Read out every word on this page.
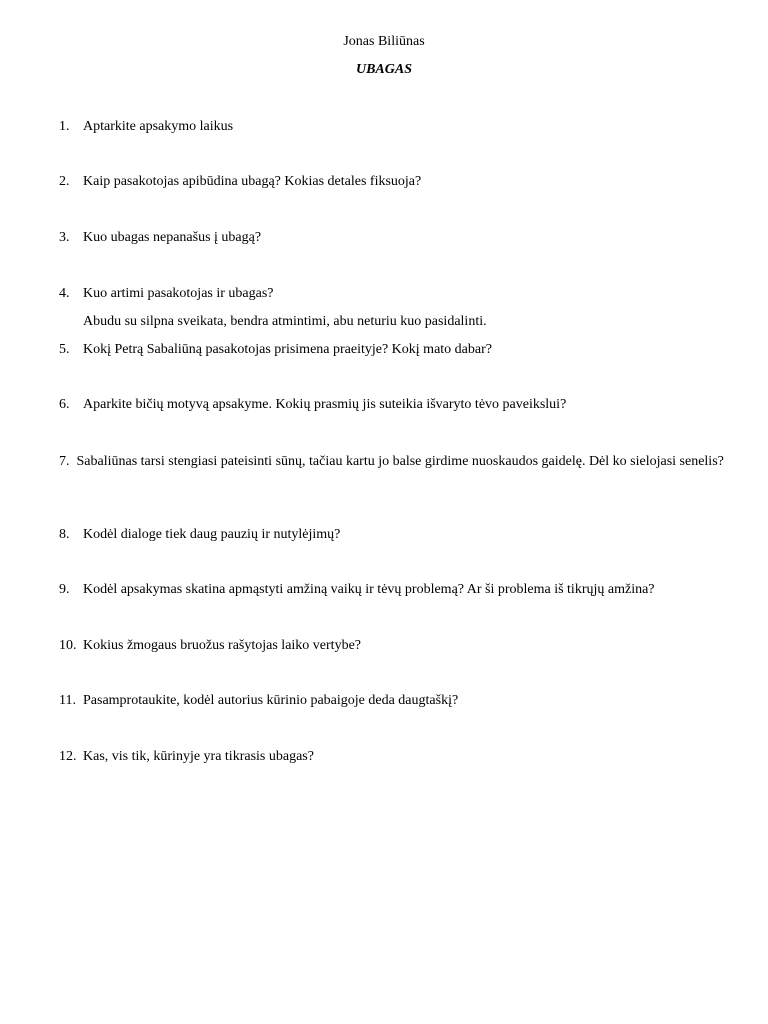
Jonas Biliūnas
UBAGAS
1. Aptarkite apsakymo laikus
2. Kaip pasakotojas apibūdina ubagą? Kokias detales fiksuoja?
3. Kuo ubagas nepanašus į ubagą?
4. Kuo artimi pasakotojas ir ubagas?
Abudu su silpna sveikata, bendra atmintimi, abu neturiu kuo pasidalinti.
5. Kokį Petrą Sabaliūną pasakotojas prisimena praeityje? Kokį mato dabar?
6. Aparkite bičių motyvą apsakyme. Kokių prasmių jis suteikia išvaryto tėvo paveikslui?
7. Sabaliūnas tarsi stengiasi pateisinti sūnų, tačiau kartu jo balse girdime nuoskaudos gaidelę. Dėl ko sielojasi senelis?
8. Kodėl dialoge tiek daug pauzių ir nutylėjimų?
9. Kodėl apsakymas skatina apmąstyti amžiną vaikų ir tėvų problemą? Ar ši problema iš tikrųjų amžina?
10. Kokius žmogaus bruožus rašytojas laiko vertybe?
11. Pasamprotaukite, kodėl autorius kūrinio pabaigoje deda daugtaškį?
12. Kas, vis tik, kūrinyje yra tikrasis ubagas?
